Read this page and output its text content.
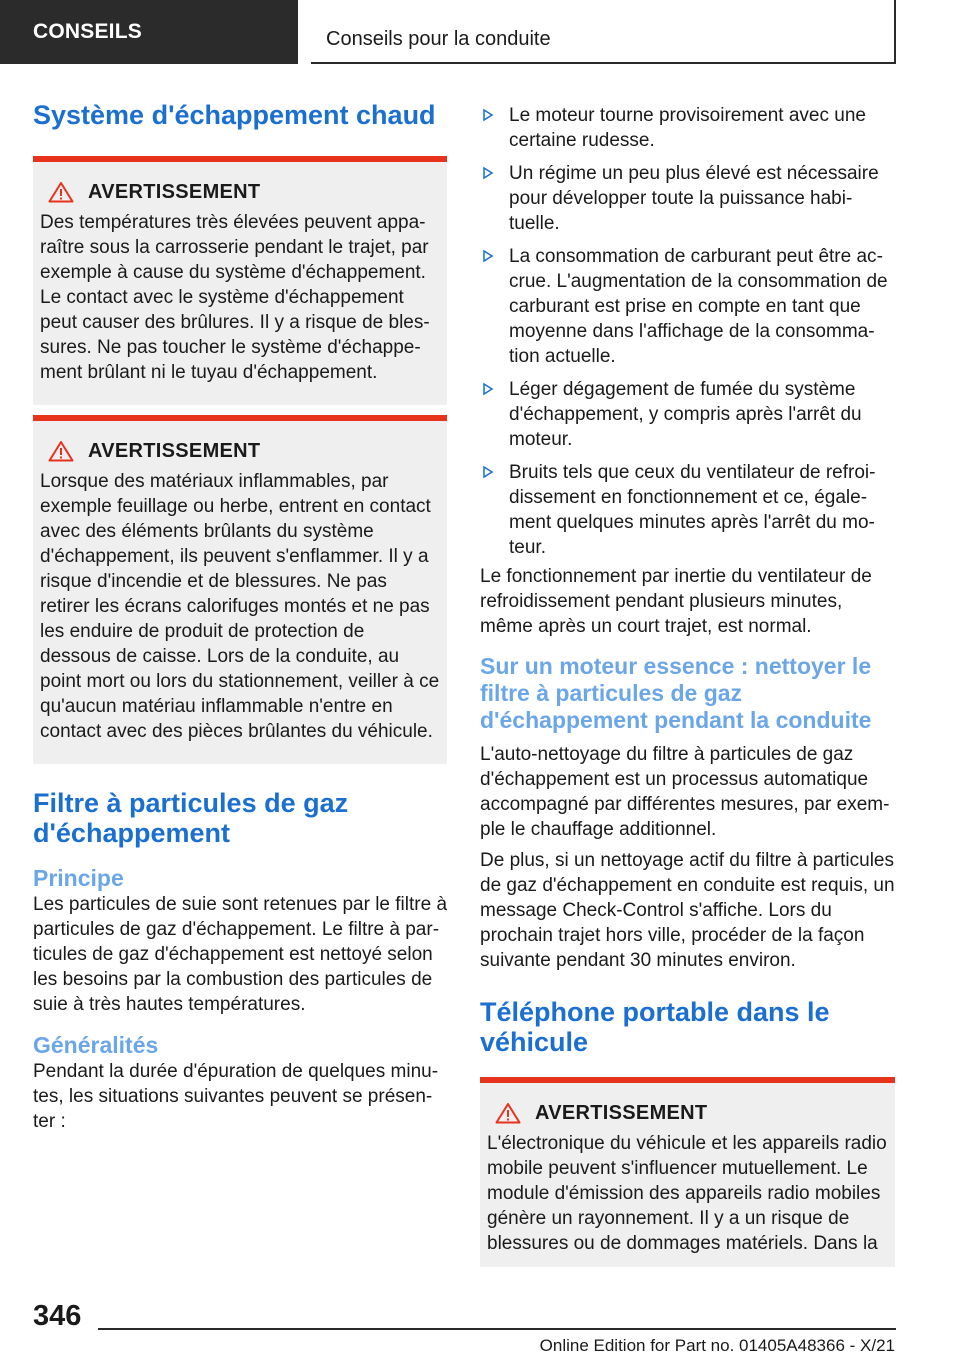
CONSEILS	Conseils pour la conduite
Système d'échappement chaud
AVERTISSEMENT

Des températures très élevées peuvent apparaître sous la carrosserie pendant le trajet, par exemple à cause du système d'échappement. Le contact avec le système d'échappement peut causer des brûlures. Il y a risque de blessures. Ne pas toucher le système d'échappement brûlant ni le tuyau d'échappement.

AVERTISSEMENT

Lorsque des matériaux inflammables, par exemple feuillage ou herbe, entrent en contact avec des éléments brûlants du système d'échappement, ils peuvent s'enflammer. Il y a risque d'incendie et de blessures. Ne pas retirer les écrans calorifuges montés et ne pas les enduire de produit de protection de dessous de caisse. Lors de la conduite, au point mort ou lors du stationnement, veiller à ce qu'aucun matériau inflammable n'entre en contact avec des pièces brûlantes du véhicule.

Filtre à particules de gaz d'échappement
Principe

Les particules de suie sont retenues par le filtre à particules de gaz d'échappement. Le filtre à particules de gaz d'échappement est nettoyé selon les besoins par la combustion des particules de suie à très hautes températures.

Généralités

Pendant la durée d'épuration de quelques minutes, les situations suivantes peuvent se présenter :

Le moteur tourne provisoirement avec une certaine rudesse.
Un régime un peu plus élevé est nécessaire pour développer toute la puissance habituelle.
La consommation de carburant peut être accrue. L'augmentation de la consommation de carburant est prise en compte en tant que moyenne dans l'affichage de la consommation actuelle.
Léger dégagement de fumée du système d'échappement, y compris après l'arrêt du moteur.
Bruits tels que ceux du ventilateur de refroidissement en fonctionnement et ce, également quelques minutes après l'arrêt du moteur.

Le fonctionnement par inertie du ventilateur de refroidissement pendant plusieurs minutes, même après un court trajet, est normal.

Sur un moteur essence : nettoyer le filtre à particules de gaz d'échappement pendant la conduite

L'auto-nettoyage du filtre à particules de gaz d'échappement est un processus automatique accompagné par différentes mesures, par exemple le chauffage additionnel.

De plus, si un nettoyage actif du filtre à particules de gaz d'échappement en conduite est requis, un message Check-Control s'affiche. Lors du prochain trajet hors ville, procéder de la façon suivante pendant 30 minutes environ.

Téléphone portable dans le véhicule
AVERTISSEMENT

L'électronique du véhicule et les appareils radio mobile peuvent s'influencer mutuellement. Le module d'émission des appareils radio mobiles génère un rayonnement. Il y a un risque de blessures ou de dommages matériels. Dans la

346
Online Edition for Part no. 01405A48366 - X/21
